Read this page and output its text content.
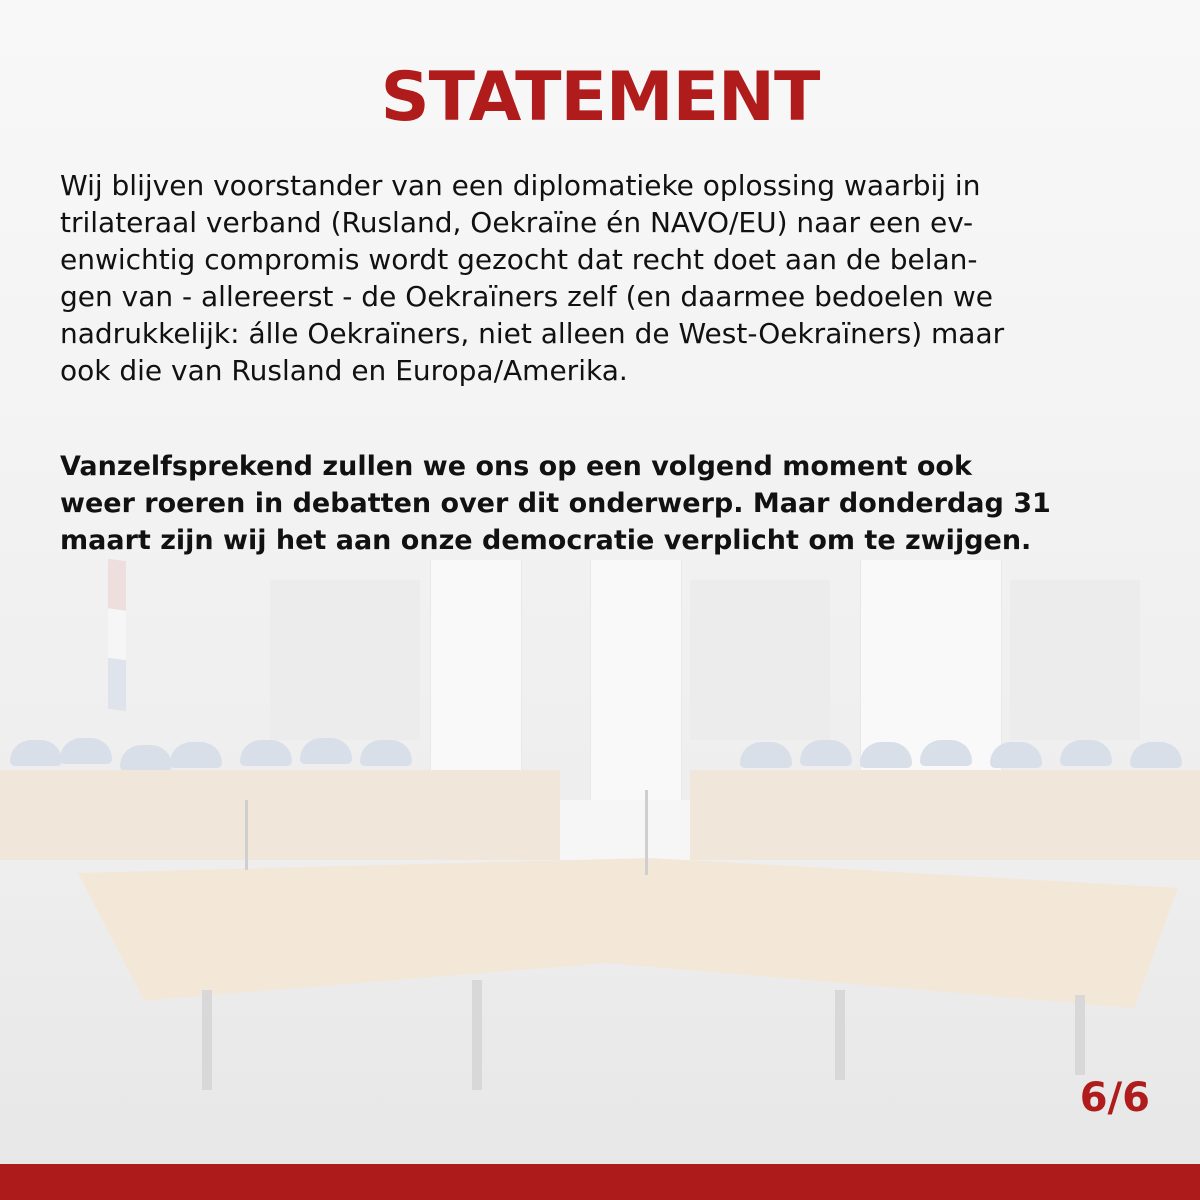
STATEMENT

Wij blijven voorstander van een diplomatieke oplossing waarbij in
trilateraal verband (Rusland, Oekraïne én NAVO/EU) naar een ev-
enwichtig compromis wordt gezocht dat recht doet aan de belan-
gen van - allereerst - de Oekraïners zelf (en daarmee bedoelen we
nadrukkelijk: álle Oekraïners, niet alleen de West-Oekraïners) maar
ook die van Rusland en Europa/Amerika.

Vanzelfsprekend zullen we ons op een volgend moment ook
weer roeren in debatten over dit onderwerp. Maar donderdag 31
maart zijn wij het aan onze democratie verplicht om te zwijgen.

6/6
